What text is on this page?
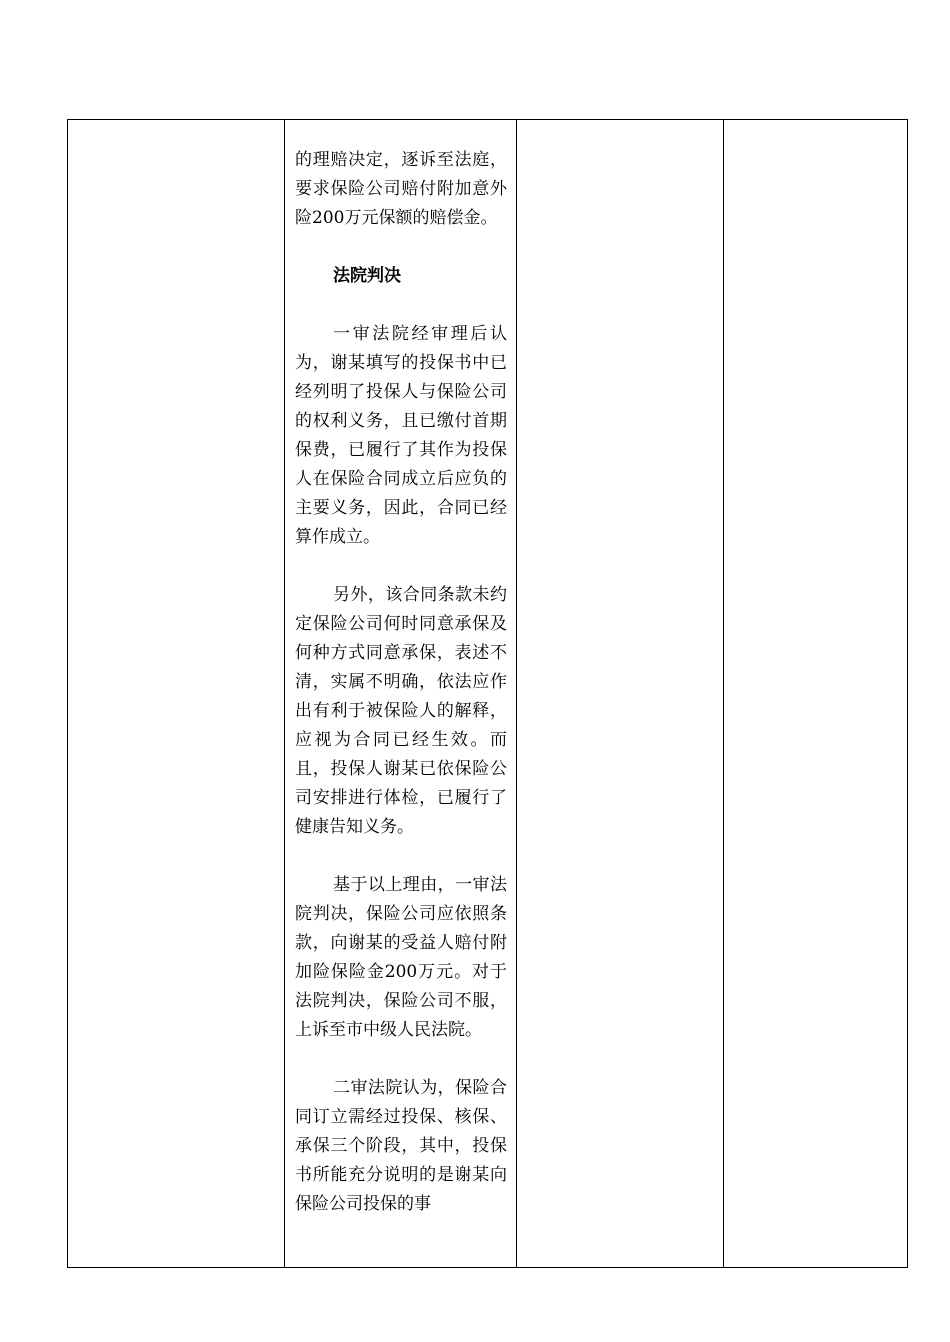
的理赔决定，逐诉至法庭，要求保险公司赔付附加意外险200万元保额的赔偿金。

法院判决

一审法院经审理后认为，谢某填写的投保书中已经列明了投保人与保险公司的权利义务，且已缴付首期保费，已履行了其作为投保人在保险合同成立后应负的主要义务，因此，合同已经算作成立。

另外，该合同条款未约定保险公司何时同意承保及何种方式同意承保，表述不清，实属不明确，依法应作出有利于被保险人的解释，应视为合同已经生效。而且，投保人谢某已依保险公司安排进行体检，已履行了健康告知义务。

基于以上理由，一审法院判决，保险公司应依照条款，向谢某的受益人赔付附加险保险金200万元。对于法院判决，保险公司不服，上诉至市中级人民法院。

二审法院认为，保险合同订立需经过投保、核保、承保三个阶段，其中，投保书所能充分说明的是谢某向保险公司投保的事
